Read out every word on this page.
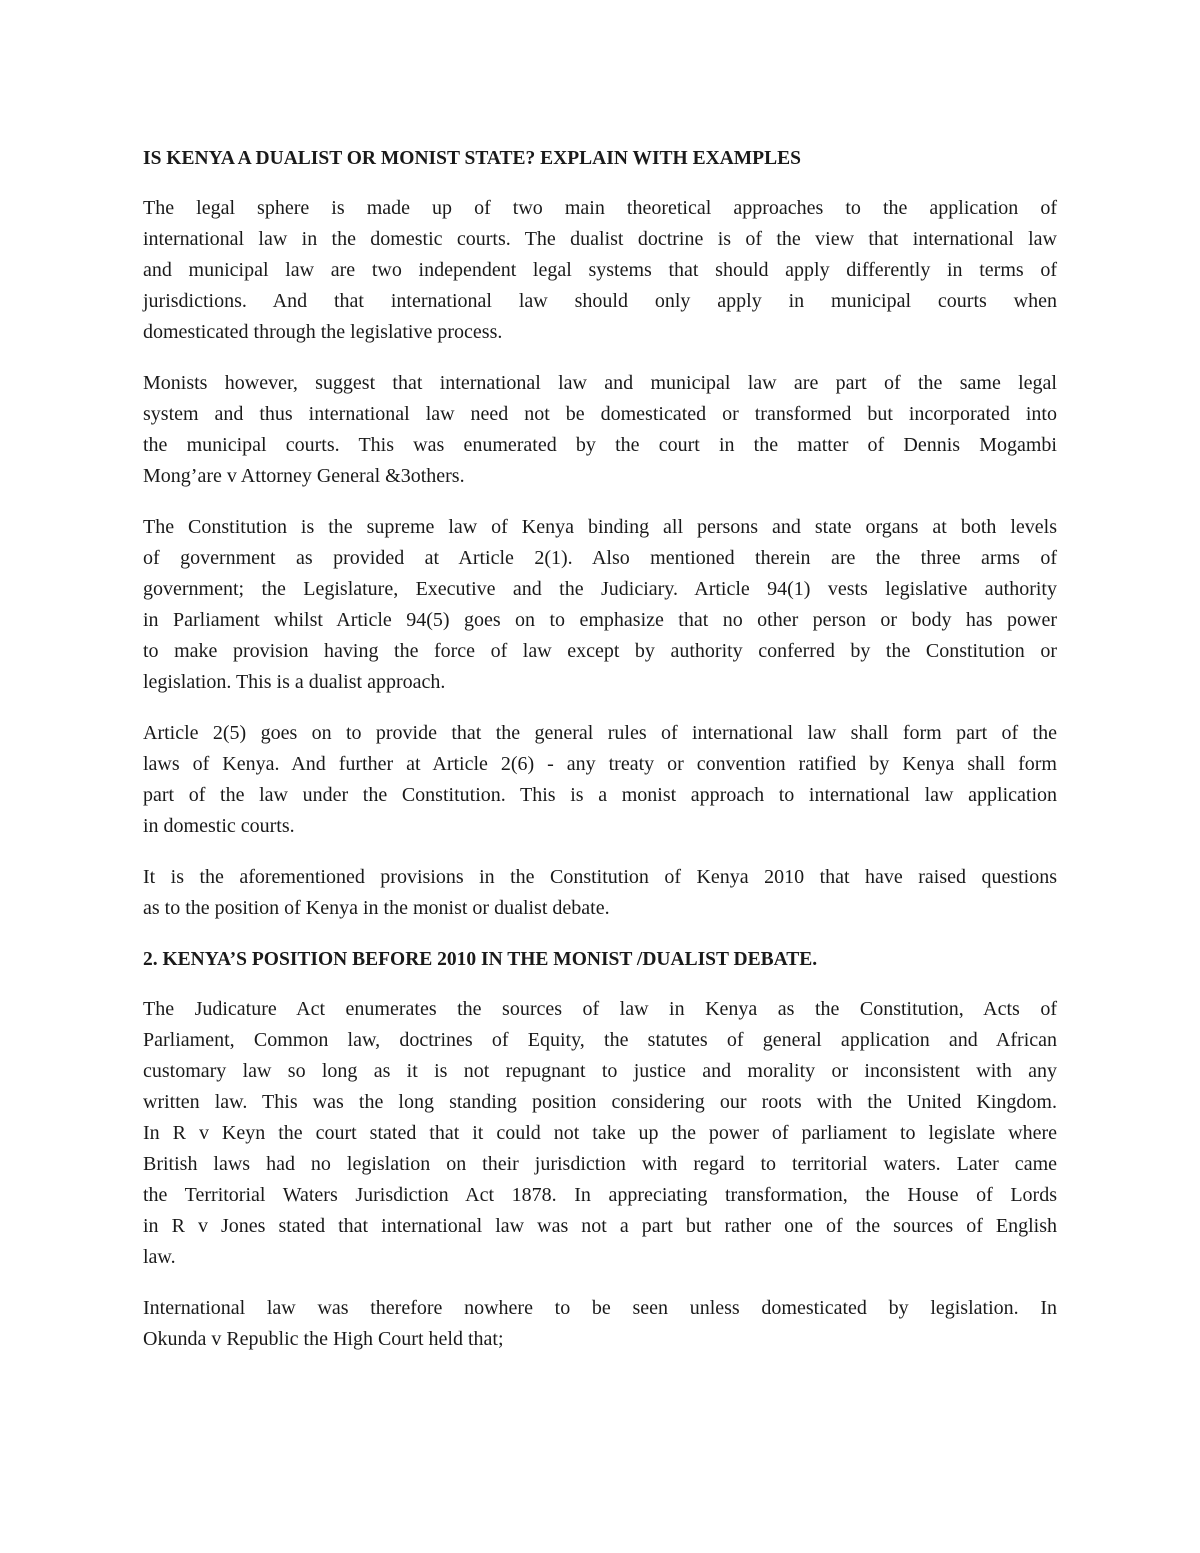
IS KENYA A DUALIST OR MONIST STATE? EXPLAIN WITH EXAMPLES
The legal sphere is made up of two main theoretical approaches to the application of
international law in the domestic courts. The dualist doctrine is of the view that international law
and municipal law are two independent legal systems that should apply differently in terms of
jurisdictions. And that international law should only apply in municipal courts when
domesticated through the legislative process.
Monists however, suggest that international law and municipal law are part of the same legal
system and thus international law need not be domesticated or transformed but incorporated into
the municipal courts. This was enumerated by the court in the matter of Dennis Mogambi
Mong’are v Attorney General &3others.
The Constitution is the supreme law of Kenya binding all persons and state organs at both levels
of government as provided at Article 2(1). Also mentioned therein are the three arms of
government; the Legislature, Executive and the Judiciary. Article 94(1) vests legislative authority
in Parliament whilst Article 94(5) goes on to emphasize that no other person or body has power
to make provision having the force of law except by authority conferred by the Constitution or
legislation. This is a dualist approach.
Article 2(5) goes on to provide that the general rules of international law shall form part of the
laws of Kenya. And further at Article 2(6) - any treaty or convention ratified by Kenya shall form
part of the law under the Constitution. This is a monist approach to international law application
in domestic courts.
It is the aforementioned provisions in the Constitution of Kenya 2010 that have raised questions
as to the position of Kenya in the monist or dualist debate.
2. KENYA’S POSITION BEFORE 2010 IN THE MONIST /DUALIST DEBATE.
The Judicature Act enumerates the sources of law in Kenya as the Constitution, Acts of
Parliament, Common law, doctrines of Equity, the statutes of general application and African
customary law so long as it is not repugnant to justice and morality or inconsistent with any
written law. This was the long standing position considering our roots with the United Kingdom.
In R v Keyn the court stated that it could not take up the power of parliament to legislate where
British laws had no legislation on their jurisdiction with regard to territorial waters. Later came
the Territorial Waters Jurisdiction Act 1878. In appreciating transformation, the House of Lords
in R v Jones stated that international law was not a part but rather one of the sources of English
law.
International law was therefore nowhere to be seen unless domesticated by legislation. In
Okunda v Republic the High Court held that;
